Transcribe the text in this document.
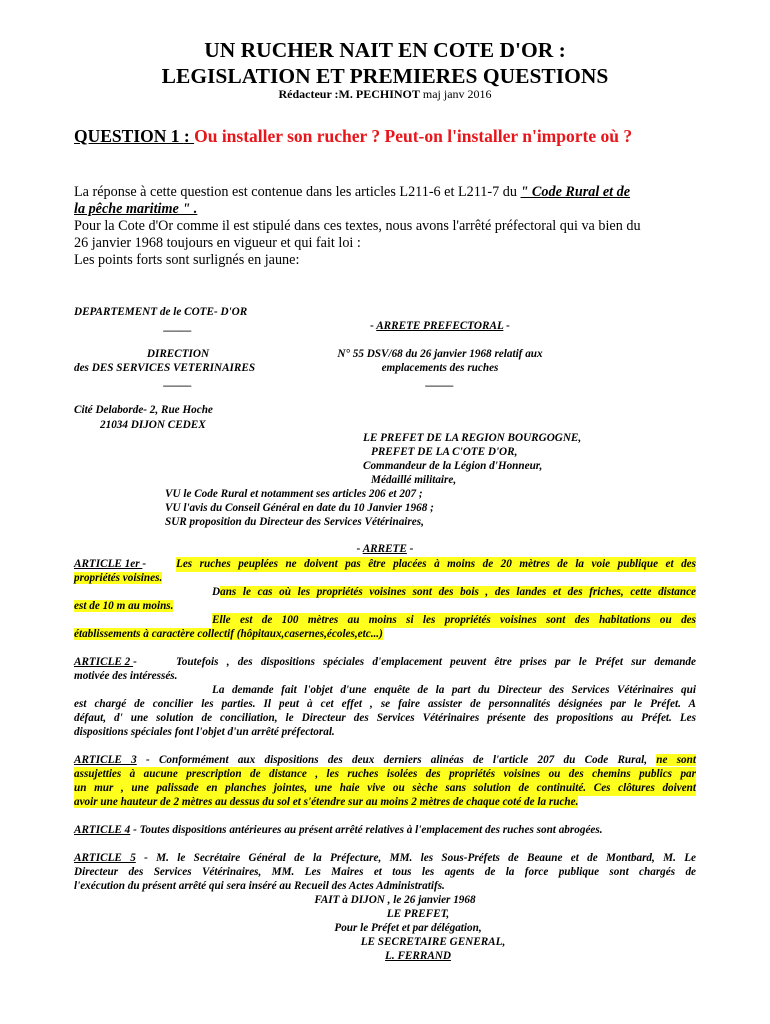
UN RUCHER NAIT EN COTE D'OR :
LEGISLATION ET PREMIERES QUESTIONS
Rédacteur :M. PECHINOT maj janv 2016
QUESTION 1 : Ou installer son rucher ? Peut-on l'installer n'importe où ?
La réponse à cette question est contenue dans les articles L211-6 et L211-7 du " Code Rural et de
la pêche maritime " .
Pour la Cote d'Or comme il est stipulé dans ces textes, nous avons l'arrêté préfectoral qui va bien du
26 janvier 1968 toujours en vigueur et qui fait loi :
Les points forts sont surlignés en jaune:
DEPARTEMENT de le COTE- D'OR
_____
DIRECTION
des DES SERVICES VETERINAIRES
_____
Cité Delaborde- 2, Rue Hoche
21034 DIJON CEDEX
- ARRETE PREFECTORAL -
N° 55 DSV/68 du 26 janvier 1968 relatif aux
emplacements des ruches
_____
LE PREFET DE LA REGION BOURGOGNE,
PREFET DE LA C'OTE D'OR,
Commandeur de la Légion d'Honneur,
Médaillé militaire,
VU le Code Rural et notamment ses articles 206 et 207 ;
VU l'avis du Conseil Général en date du 10 Janvier 1968 ;
SUR proposition du Directeur des Services Vétérinaires,
- ARRETE -
ARTICLE 1er -	Les ruches peuplées ne doivent pas être placées à moins de 20 mètres de la voie publique et des
propriétés voisines.
Dans le cas où les propriétés voisines sont des bois , des landes et des friches, cette distance
est de 10 m au moins.
Elle est de 100 mètres au moins si les propriétés voisines sont des habitations ou des
établissements à caractère collectif (hôpitaux,casernes,écoles,etc...)
ARTICLE 2 -	Toutefois , des dispositions spéciales d'emplacement peuvent être prises par le Préfet sur demande
motivée des intéressés.
La demande fait l'objet d'une enquête de la part du Directeur des Services Vétérinaires qui
est chargé de concilier les parties. Il peut à cet effet , se faire assister de personnalités désignées par le Préfet. A
défaut, d' une solution de conciliation, le Directeur des Services Vétérinaires présente des propositions au Préfet. Les
dispositions spéciales font l'objet d'un arrêté préfectoral.
ARTICLE 3 - Conformément aux dispositions des deux derniers alinéas de l'article 207 du Code Rural, ne sont
assujetties à aucune prescription de distance , les ruches isolées des propriétés voisines ou des chemins publics par
un mur , une palissade en planches jointes, une haie vive ou sèche sans solution de continuité. Ces clôtures doivent
avoir une hauteur de 2 mètres au dessus du sol et s'étendre sur au moins 2 mètres de chaque coté de la ruche.
ARTICLE 4 - Toutes dispositions antérieures au présent arrêté relatives à l'emplacement des ruches sont abrogées.
ARTICLE 5 - M. le Secrétaire Général de la Préfecture, MM. les Sous-Préfets de Beaune et de Montbard, M. Le
Directeur des Services Vétérinaires, MM. Les Maires et tous les agents de la force publique sont chargés de
l'exécution du présent arrêté qui sera inséré au Recueil des Actes Administratifs.
FAIT à DIJON , le 26 janvier 1968
LE PREFET,
Pour le Préfet et par délégation,
LE SECRETAIRE GENERAL,
L. FERRAND
